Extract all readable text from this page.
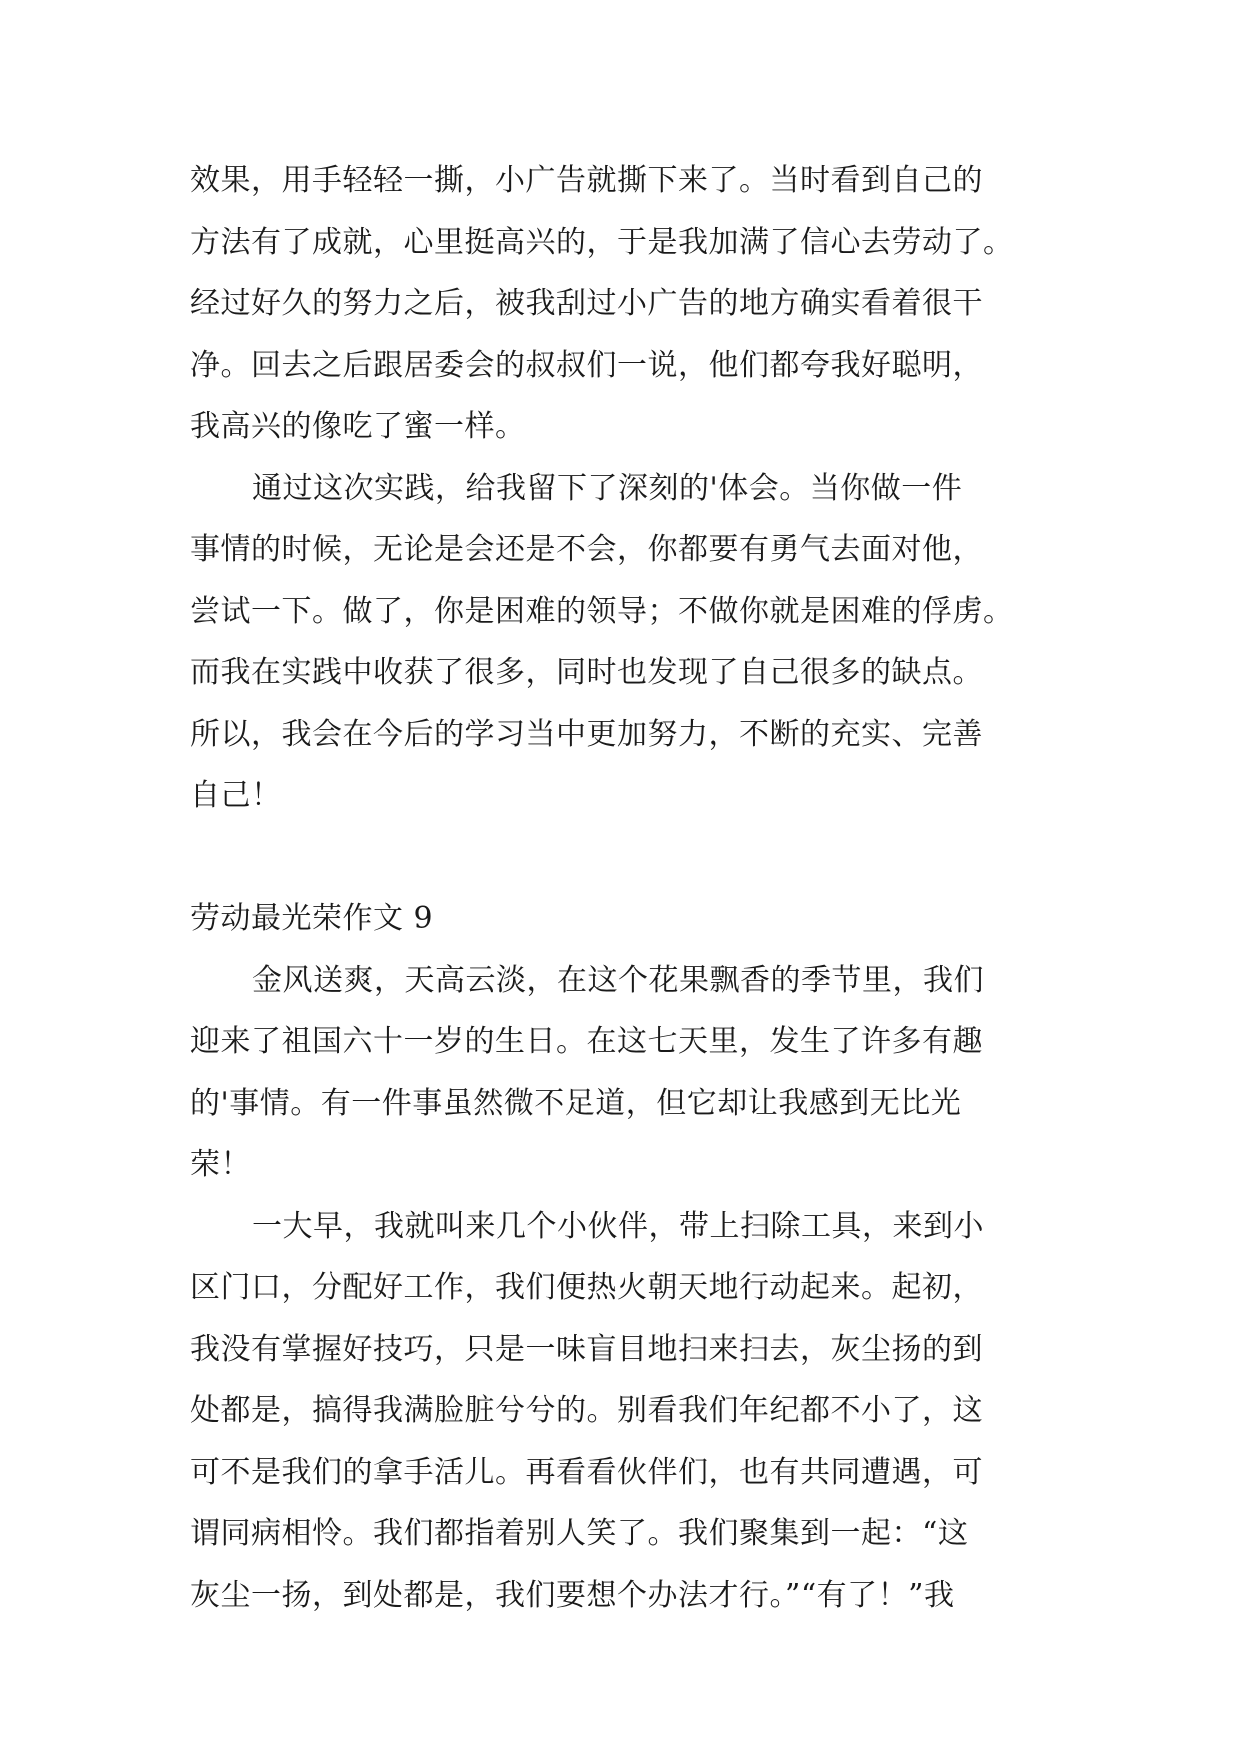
效果，用手轻轻一撕，小广告就撕下来了。当时看到自己的
方法有了成就，心里挺高兴的，于是我加满了信心去劳动了。
经过好久的努力之后，被我刮过小广告的地方确实看着很干
净。回去之后跟居委会的叔叔们一说，他们都夸我好聪明，
我高兴的像吃了蜜一样。
通过这次实践，给我留下了深刻的'体会。当你做一件
事情的时候，无论是会还是不会，你都要有勇气去面对他，
尝试一下。做了，你是困难的领导；不做你就是困难的俘虏。
而我在实践中收获了很多，同时也发现了自己很多的缺点。
所以，我会在今后的学习当中更加努力，不断的充实、完善
自己！
劳动最光荣作文 9
金风送爽，天高云淡，在这个花果飘香的季节里，我们
迎来了祖国六十一岁的生日。在这七天里，发生了许多有趣
的'事情。有一件事虽然微不足道，但它却让我感到无比光
荣！
一大早，我就叫来几个小伙伴，带上扫除工具，来到小
区门口，分配好工作，我们便热火朝天地行动起来。起初，
我没有掌握好技巧，只是一味盲目地扫来扫去，灰尘扬的到
处都是，搞得我满脸脏兮兮的。别看我们年纪都不小了，这
可不是我们的拿手活儿。再看看伙伴们，也有共同遭遇，可
谓同病相怜。我们都指着别人笑了。我们聚集到一起：“这
灰尘一扬，到处都是，我们要想个办法才行。”“有了！”我
